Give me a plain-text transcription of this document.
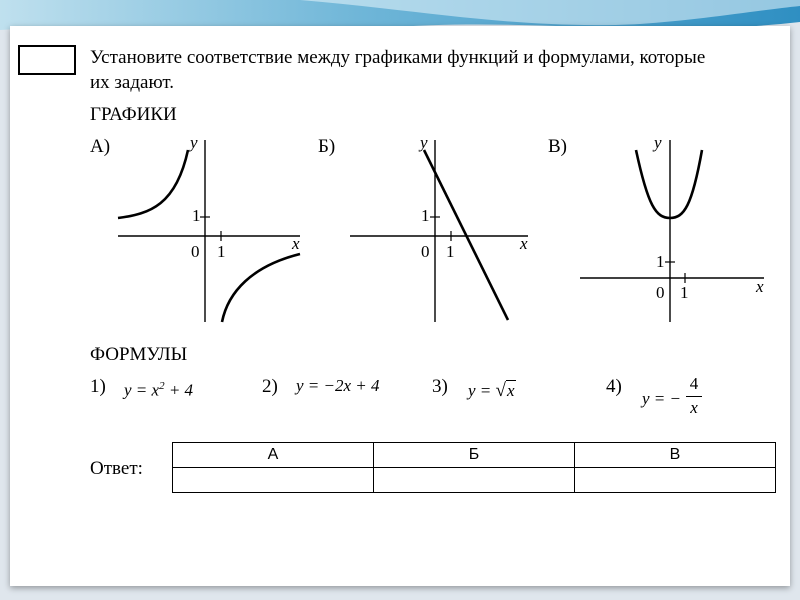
Установите соответствие между графиками функций и формулами, которые
их задают.
ГРАФИКИ
А)
x
y
1
0 1
Б)
x
y
1
0 1
В)
x
y
1
0 1
ФОРМУЛЫ
1) $y = x^2 + 4$	2) y = −2x + 4	3) y = √x	4)
y = −
4
x
Ответ:
А	Б	В
